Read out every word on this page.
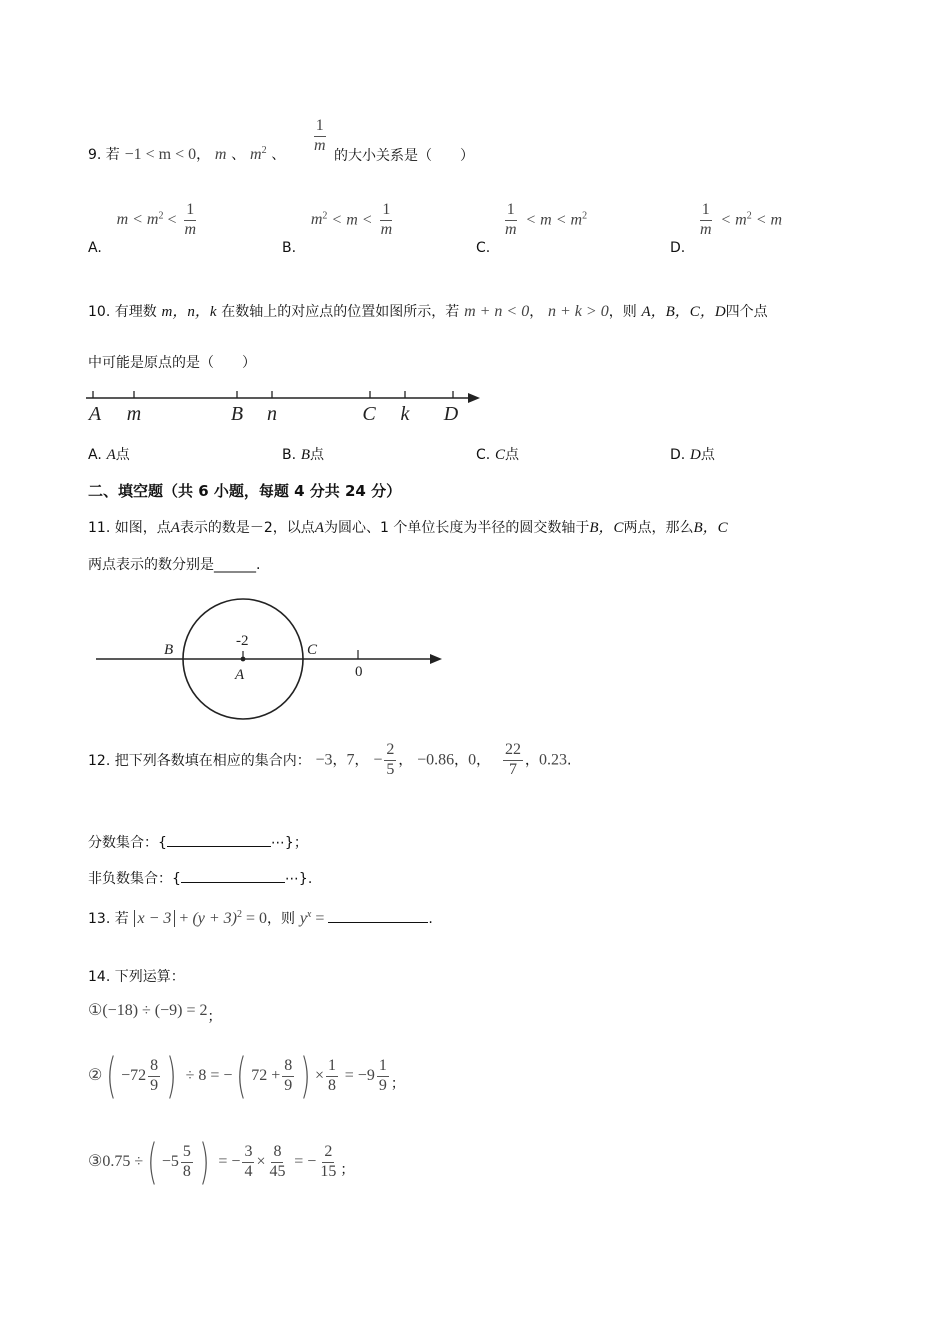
9. 若 −1 < m < 0， m 、 $m^2$ 、
$\frac{1}{m}$
的大小关系是（　　）
A. $m < m^2 < \frac{1}{m}$
B. $m^2 < m < \frac{1}{m}$
C.
$\frac{1}{m} < m < m^2$
D.
$\frac{1}{m} < m^2 < m$
10. 有理数 m，n，k 在数轴上的对应点的位置如图所示，若 m + n < 0， n + k > 0，则 A，B，C，D四个点
中可能是原点的是（　　）
A m	B n	C k D
A. A点	B. B点	C. C点	D. D点
二、填空题（共 6 小题，每题 4 分共 24 分）
11. 如图，点A表示的数是－2，以点A为圆心、1 个单位长度为半径的圆交数轴于B，C两点，那么B，C
两点表示的数分别是______.
B	C
-2
A	0
12. 把下列各数填在相应的集合内： −3，7， − $\frac{2}{5}$ ， −0.86，0， $\frac{22}{7}$ ，0.23.
分数集合：{	⋯}；
非负数集合：{	⋯}.
13. 若 $x - 3 + (y + 3)^2 = 0$，则 $y^x$ =	.
14. 下列运算：
①(−18) ÷ (−9) = 2；
②( $-72 \frac{8}{9}$ ) ÷ 8 = −( $72 + \frac{8}{9}$ ) × $\frac{1}{8} = -9 \frac{1}{9}$ ；
③0.75 ÷( $-5 \frac{5}{8}$ ) = − $\frac{3}{4} \times \frac{8}{45}$ = − $\frac{2}{15}$ ；
